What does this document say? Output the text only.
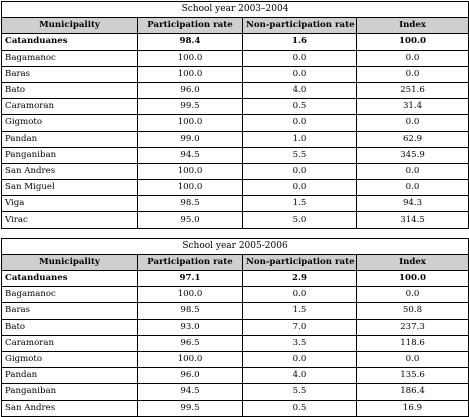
School year 2003–2004			
Municipality	Participation rate	Non-participation rate	Index
Catanduanes	98.4	1.6	100.0
Bagamanoc	100.0	0.0	0.0
Baras	100.0	0.0	0.0
Bato	96.0	4.0	251.6
Caramoran	99.5	0.5	31.4
Gigmoto	100.0	0.0	0.0
Pandan	99.0	1.0	62.9
Panganiban	94.5	5.5	345.9
San Andres	100.0	0.0	0.0
San Miguel	100.0	0.0	0.0
Viga	98.5	1.5	94.3
Virac	95.0	5.0	314.5
School year 2005-2006			
Municipality	Participation rate	Non-participation rate	Index
Catanduanes	97.1	2.9	100.0
Bagamanoc	100.0	0.0	0.0
Baras	98.5	1.5	50.8
Bato	93.0	7.0	237.3
Caramoran	96.5	3.5	118.6
Gigmoto	100.0	0.0	0.0
Pandan	96.0	4.0	135.6
Panganiban	94.5	5.5	186.4
San Andres	99.5	0.5	16.9
